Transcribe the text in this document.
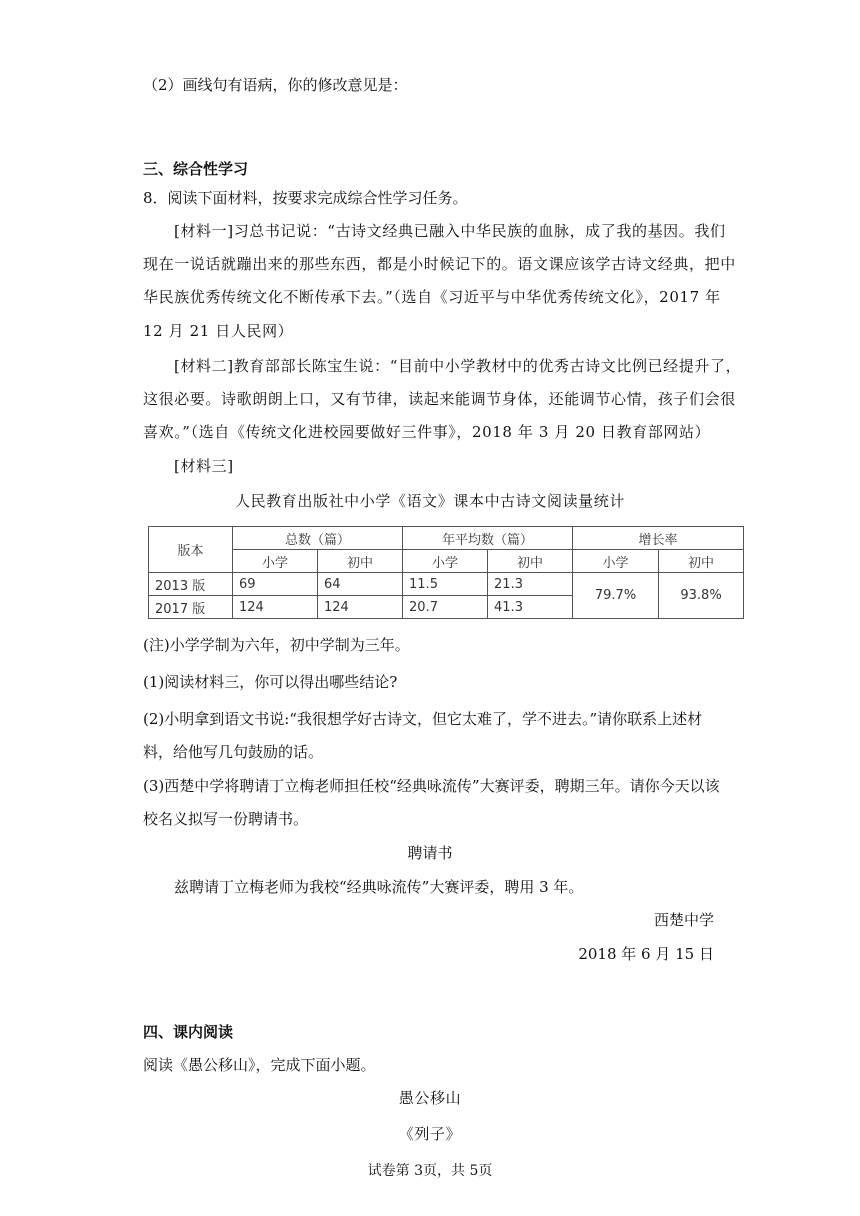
（2）画线句有语病，你的修改意见是：
三、综合性学习
8．阅读下面材料，按要求完成综合性学习任务。
[材料一]习总书记说：“古诗文经典已融入中华民族的血脉，成了我的基因。我们
现在一说话就蹦出来的那些东西，都是小时候记下的。语文课应该学古诗文经典，把中
华民族优秀传统文化不断传承下去。”（选自《习近平与中华优秀传统文化》，2017 年
12 月 21 日人民网）
[材料二]教育部部长陈宝生说：“目前中小学教材中的优秀古诗文比例已经提升了，
这很必要。诗歌朗朗上口，又有节律，读起来能调节身体，还能调节心情，孩子们会很
喜欢。”（选自《传统文化进校园要做好三件事》，2018 年 3 月 20 日教育部网站）
[材料三]
人民教育出版社中小学《语文》课本中古诗文阅读量统计
版本	总数（篇）		年平均数（篇）		增长率	
	小学	初中	小学	初中	小学	初中
2013 版	69	64	11.5	21.3	79.7%	93.8%
2017 版	124	124	20.7	41.3		
(注)小学学制为六年，初中学制为三年。
(1)阅读材料三，你可以得出哪些结论?
(2)小明拿到语文书说:“我很想学好古诗文，但它太难了，学不进去。”请你联系上述材
料，给他写几句鼓励的话。
(3)西楚中学将聘请丁立梅老师担任校“经典咏流传”大赛评委，聘期三年。请你今天以该
校名义拟写一份聘请书。
聘请书
兹聘请丁立梅老师为我校“经典咏流传”大赛评委，聘用 3 年。
西楚中学
2018 年 6 月 15 日
四、课内阅读
阅读《愚公移山》，完成下面小题。
愚公移山
《列子》
试卷第 3页，共 5页
